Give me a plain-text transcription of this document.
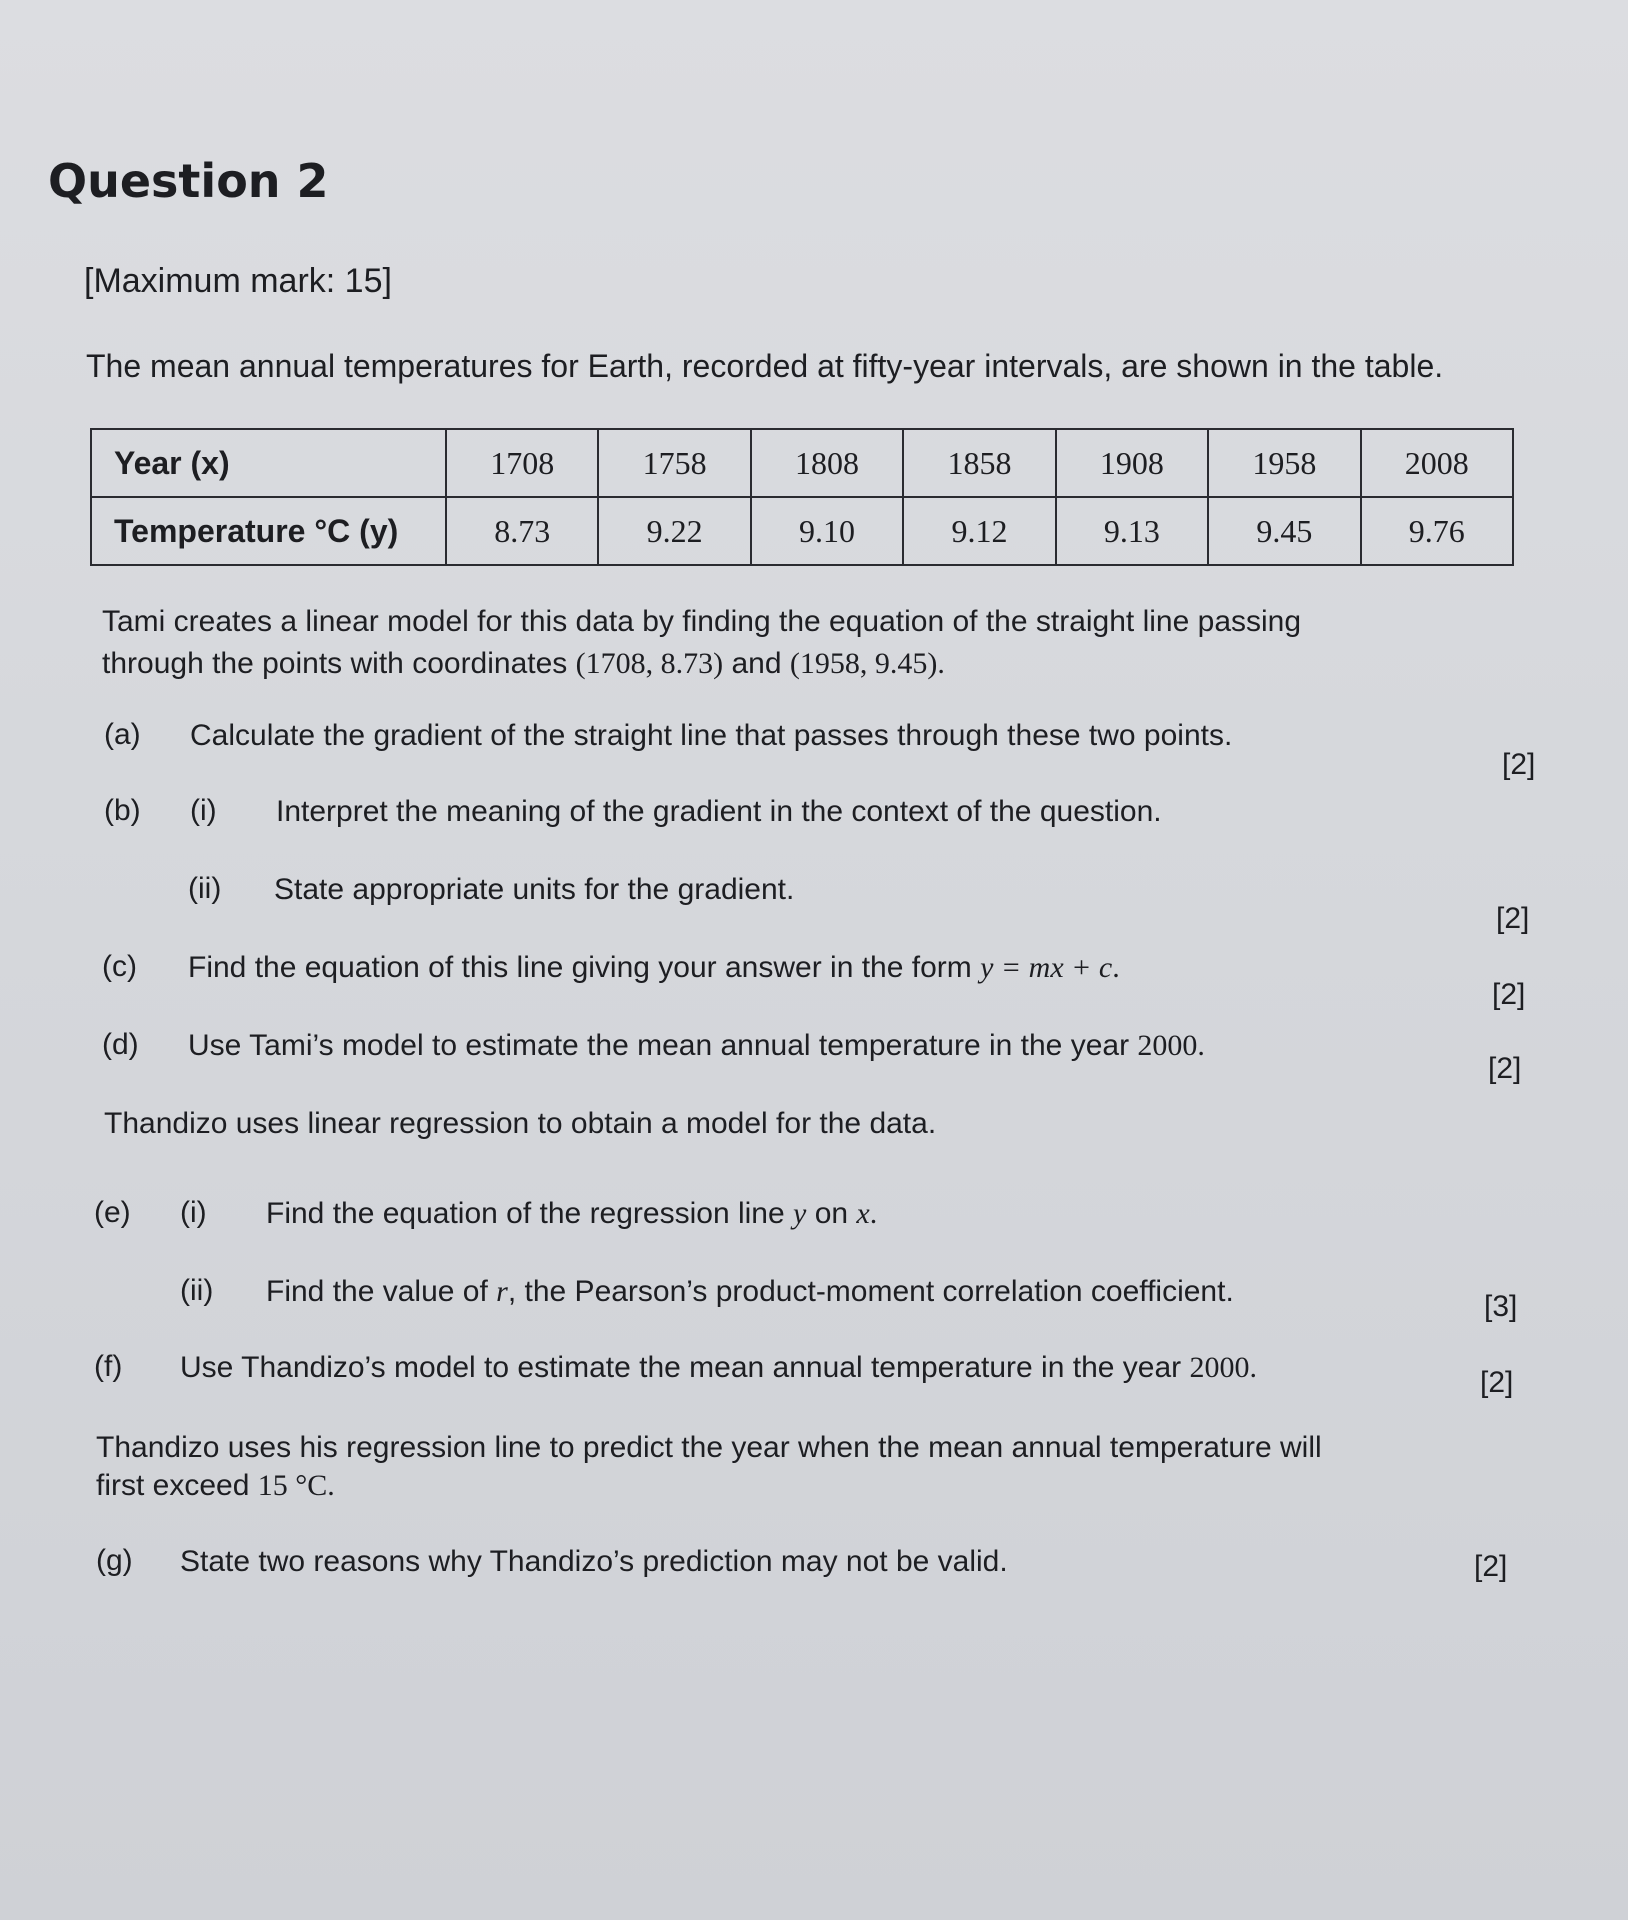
Question 2
[Maximum mark: 15]
The mean annual temperatures for Earth, recorded at fifty-year intervals, are shown in the table.
Year (x)	1708	1758	1808	1858	1908	1958	2008
Temperature °C (y)	8.73	9.22	9.10	9.12	9.13	9.45	9.76
Tami creates a linear model for this data by finding the equation of the straight line passing
through the points with coordinates (1708, 8.73) and (1958, 9.45).
(a) Calculate the gradient of the straight line that passes through these two points.
[2]
(b) (i) Interpret the meaning of the gradient in the context of the question.
(ii) State appropriate units for the gradient.
[2]
(c) Find the equation of this line giving your answer in the form y = mx + c.
[2]
(d) Use Tami’s model to estimate the mean annual temperature in the year 2000.
[2]
Thandizo uses linear regression to obtain a model for the data.
(e) (i) Find the equation of the regression line y on x.
(ii) Find the value of r, the Pearson’s product-moment correlation coefficient.	[3]
(f) Use Thandizo’s model to estimate the mean annual temperature in the year 2000.	[2]
Thandizo uses his regression line to predict the year when the mean annual temperature will
first exceed 15 °C.
(g) State two reasons why Thandizo’s prediction may not be valid.	[2]
